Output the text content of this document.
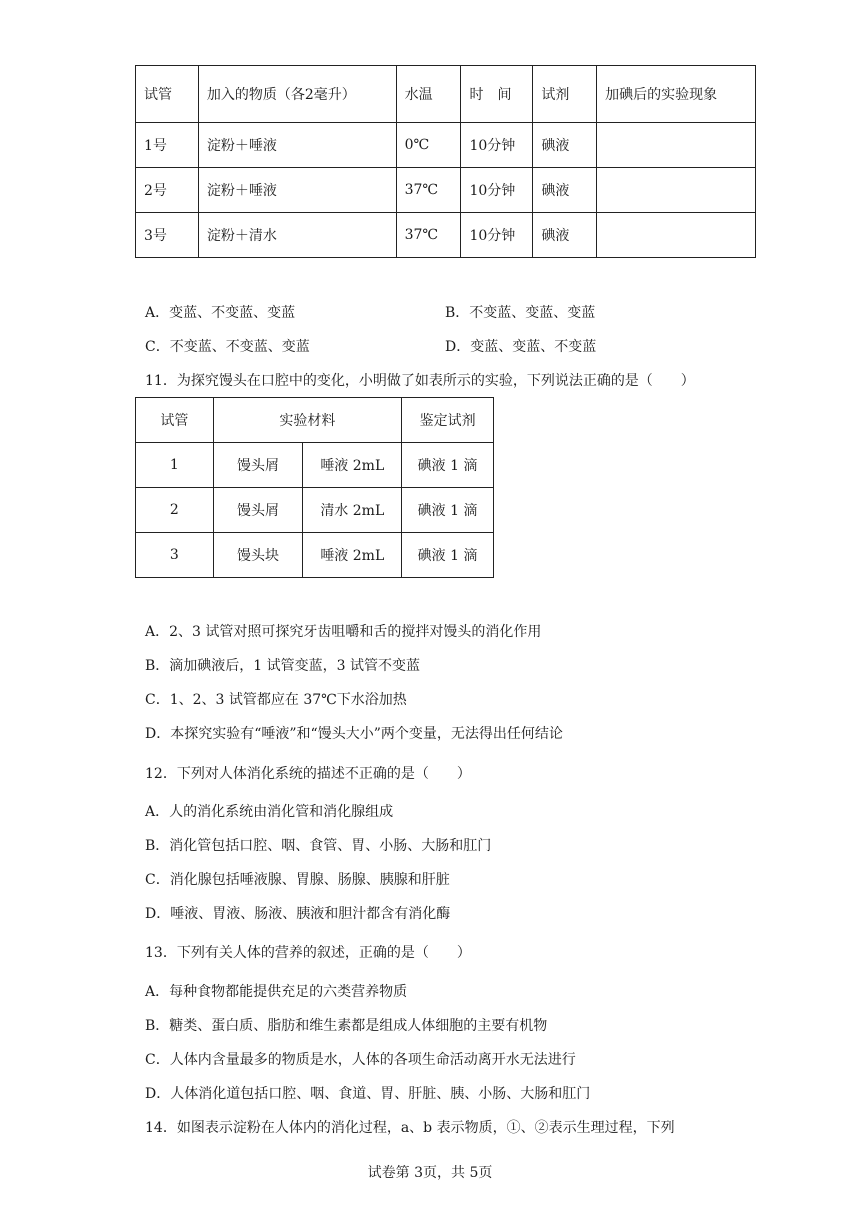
试管	加入的物质（各2毫升）	水温	时　间	试剂	加碘后的实验现象
1号	淀粉＋唾液	0℃	10分钟	碘液	
2号	淀粉＋唾液	37℃	10分钟	碘液	
3号	淀粉＋清水	37℃	10分钟	碘液	
A．变蓝、不变蓝、变蓝	B．不变蓝、变蓝、变蓝
C．不变蓝、不变蓝、变蓝	D．变蓝、变蓝、不变蓝
11．为探究馒头在口腔中的变化，小明做了如表所示的实验，下列说法正确的是（　　）
试管	实验材料		鉴定试剂
1	馒头屑	唾液 2mL	碘液 1 滴
2	馒头屑	清水 2mL	碘液 1 滴
3	馒头块	唾液 2mL	碘液 1 滴
A．2、3 试管对照可探究牙齿咀嚼和舌的搅拌对馒头的消化作用
B．滴加碘液后，1 试管变蓝，3 试管不变蓝
C．1、2、3 试管都应在 37℃下水浴加热
D．本探究实验有“唾液”和“馒头大小”两个变量，无法得出任何结论
12．下列对人体消化系统的描述不正确的是（　　）
A．人的消化系统由消化管和消化腺组成
B．消化管包括口腔、咽、食管、胃、小肠、大肠和肛门
C．消化腺包括唾液腺、胃腺、肠腺、胰腺和肝脏
D．唾液、胃液、肠液、胰液和胆汁都含有消化酶
13．下列有关人体的营养的叙述，正确的是（　　）
A．每种食物都能提供充足的六类营养物质
B．糖类、蛋白质、脂肪和维生素都是组成人体细胞的主要有机物
C．人体内含量最多的物质是水，人体的各项生命活动离开水无法进行
D．人体消化道包括口腔、咽、食道、胃、肝脏、胰、小肠、大肠和肛门
14．如图表示淀粉在人体内的消化过程，a、b 表示物质，①、②表示生理过程，下列
试卷第 3页，共 5页
